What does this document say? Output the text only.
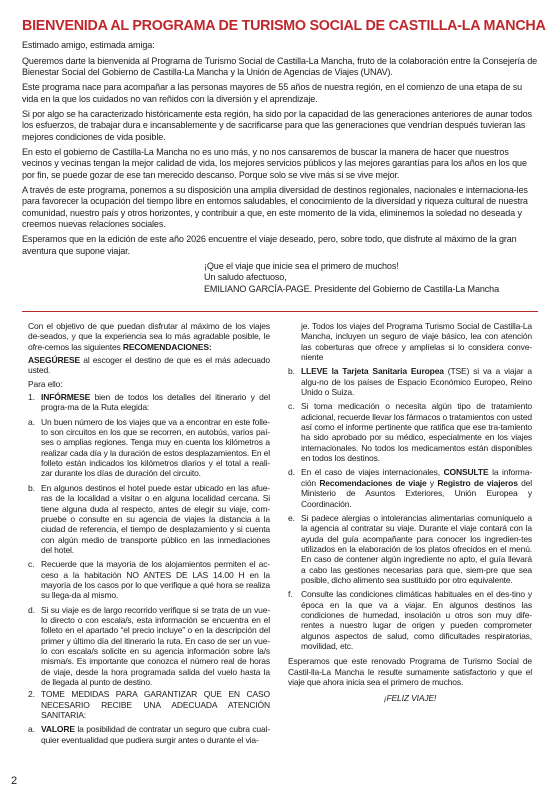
BIENVENIDA AL PROGRAMA DE TURISMO SOCIAL DE CASTILLA-LA MANCHA

Estimado amigo, estimada amiga:

Queremos darte la bienvenida al Programa de Turismo Social de Castilla-La Mancha, fruto de la colaboración entre la Consejería de Bienestar Social del Gobierno de Castilla-La Mancha y la Unión de Agencias de Viajes (UNAV).

Este programa nace para acompañar a las personas mayores de 55 años de nuestra región, en el comienzo de una etapa de su vida en la que los cuidados no van reñidos con la diversión y el aprendizaje.

Si por algo se ha caracterizado históricamente esta región, ha sido por la capacidad de las generaciones anteriores de aunar todos los esfuerzos, de trabajar dura e incansablemente y de sacrificarse para que las generaciones que vendrían después tuvieran las mejores condiciones de vida posible.

En esto el gobierno de Castilla-La Mancha no es uno más, y no nos cansaremos de buscar la manera de hacer que nuestros vecinos y vecinas tengan la mejor calidad de vida, los mejores servicios públicos y las mejores garantías para los años en los que por fin, se puede gozar de ese tan merecido descanso. Porque solo se vive más si se vive mejor.

A través de este programa, ponemos a su disposición una amplia diversidad de destinos regionales, nacionales e internaciona-les para favorecer la ocupación del tiempo libre en entornos saludables, el conocimiento de la diversidad y riqueza cultural de nuestra comunidad, nuestro país y otros horizontes, y contribuir a que, en este momento de la vida, eliminemos la soledad no deseada y creemos nuevas relaciones sociales.

Esperamos que en la edición de este año 2026 encuentre el viaje deseado, pero, sobre todo, que disfrute al máximo de la gran aventura que supone viajar.

¡Que el viaje que inicie sea el primero de muchos!

Un saludo afectuoso,

EMILIANO GARCÍA-PAGE. Presidente del Gobierno de Castilla-La Mancha

Con el objetivo de que puedan disfrutar al máximo de los viajes de-seados, y que la experiencia sea lo más agradable posible, le ofre-cemos las siguientes RECOMENDACIONES:

ASEGÚRESE al escoger el destino de que es el más adecuado usted.

Para ello:

1. INFÓRMESE bien de todos los detalles del itinerario y del progra-ma de la Ruta elegida:
a. Un buen número de los viajes que va a encontrar en este folle-to son circuitos en los que se recorren, en autobús, varios paí-ses o amplias regiones. Tenga muy en cuenta los kilómetros a realizar cada día y la duración de estos desplazamientos. En el folleto están indicados los kilómetros diarios y el total a reali-zar durante los días de duración del circuito.
b. En algunos destinos el hotel puede estar ubicado en las afue-ras de la localidad a visitar o en alguna localidad cercana. Si tiene alguna duda al respecto, antes de elegir su viaje, com-pruebe o consulte en su agencia de viajes la distancia a la ciudad de referencia, el tiempo de desplazamiento y si cuenta con algún medio de transporte público en las inmediaciones del hotel.
c. Recuerde que la mayoría de los alojamientos permiten el ac-ceso a la habitación NO ANTES DE LAS 14.00 H en la mayoría de los casos por lo que verifique a qué hora se realiza su llega-da al mismo.
d. Si su viaje es de largo recorrido verifique si se trata de un vue-lo directo o con escala/s, esta información se encuentra en el folleto en el apartado “el precio incluye” o en la descripción del primer y último día del itinerario la ruta. En caso de ser un vue-lo con escala/s solicite en su agencia información sobre la/s misma/s. Es importante que conozca el número real de horas de viaje, desde la hora programada salida del vuelo hasta la de llegada al punto de destino.
2. TOME MEDIDAS PARA GARANTIZAR QUE EN CASO NECESARIO RECIBE UNA ADECUADA ATENCIÓN SANITARIA:
a. VALORE la posibilidad de contratar un seguro que cubra cual-quier eventualidad que pudiera surgir antes o durante el via-

je. Todos los viajes del Programa Turismo Social de Castilla-La Mancha, incluyen un seguro de viaje básico, lea con atención las coberturas que ofrece y amplíelas si lo considera conve-niente

b. LLEVE la Tarjeta Sanitaria Europea (TSE) si va a viajar a algu-no de los países de Espacio Económico Europeo, Reino Unido o Suiza.
c. Si toma medicación o necesita algún tipo de tratamiento adicional, recuerde llevar los fármacos o tratamientos con usted así como el informe pertinente que ratifica que ese tra-tamiento ha sido aprobado por su médico, especialmente en los viajes internacionales. No todos los medicamentos están disponibles en todos los destinos.
d. En el caso de viajes internacionales, CONSULTE la informa-ción Recomendaciones de viaje y Registro de viajeros del Ministerio de Asuntos Exteriores, Unión Europea y Coordinación.
e. Si padece alergias o intolerancias alimentarias comuníquelo a la agencia al contratar su viaje. Durante el viaje contará con la ayuda del guía acompañante para conocer los ingredien-tes utilizados en la elaboración de los platos ofrecidos en el menú. En caso de contener algún ingrediente no apto, el guía llevará a cabo las gestiones necesarias para que, siem-pre que sea posible, dicho alimento sea sustituido por otro equivalente.
f.	Consulte las condiciones climáticas habituales en el des-tino y época en la que va a viajar. En algunos destinos las condiciones de humedad, insolación u otros son muy dife-rentes a nuestro lugar de origen y pueden comprometer algunos aspectos de salud, como dificultades respiratorias, movilidad, etc.

Esperamos que este renovado Programa de Turismo Social de Castil-lla-La Mancha le resulte sumamente satisfactorio y que el viaje que ahora inicia sea el primero de muchos.

¡FELIZ VIAJE!

2
